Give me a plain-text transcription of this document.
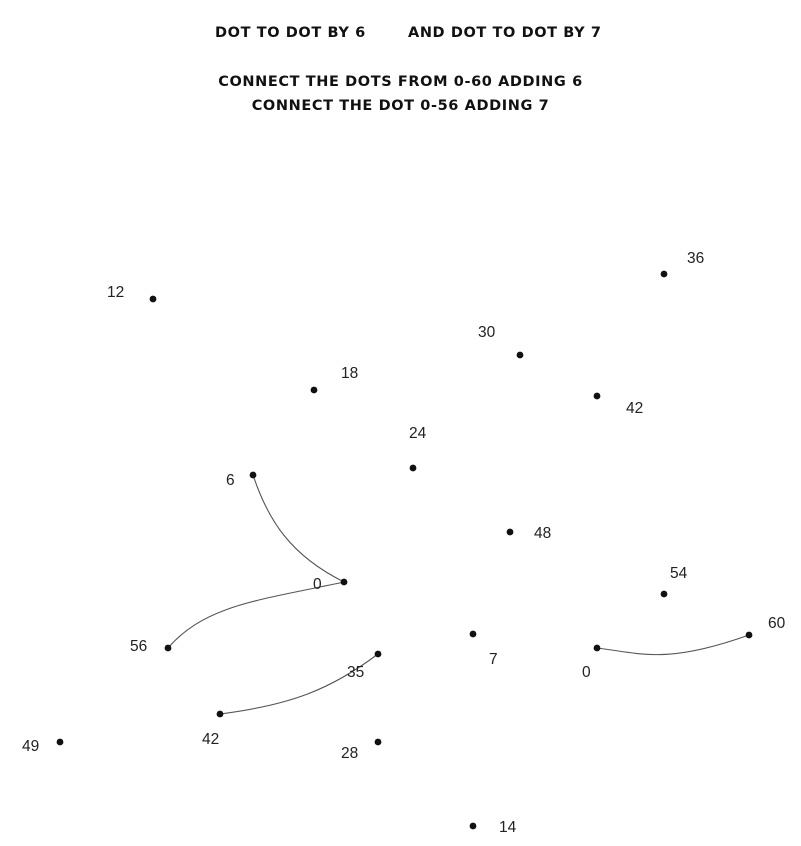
DOT TO DOT BY 6	AND DOT TO DOT BY 7
CONNECT THE DOTS FROM 0-60 ADDING 6
CONNECT THE DOT 0-56 ADDING 7
12
18
24
30
36
42
6
48
54
60
0
0
7
56
35
42
49	28
14
